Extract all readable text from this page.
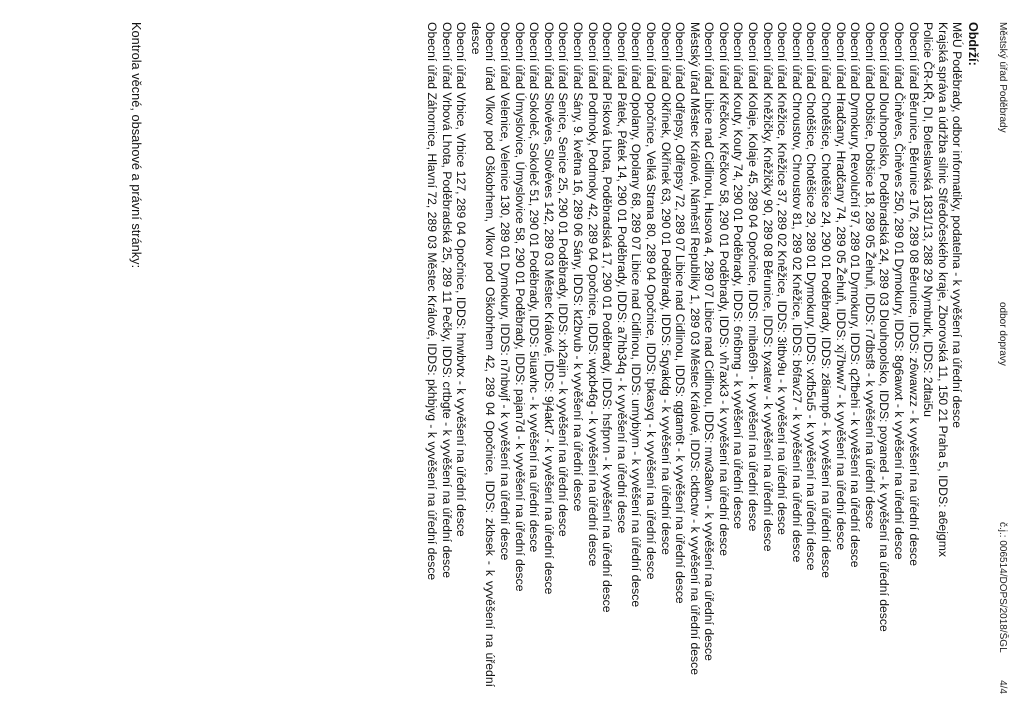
Městský úřad Poděbrady
odbor dopravy
č.j.: 006514/DOPS/2018/ŠGL
4/4
Obdrží:

MěÚ Poděbrady, odbor informatiky, podatelna - k vyvěšení na úřední desce

Krajská správa a údržba silnic Středočeského kraje, Zborovská 11, 150 21 Praha 5, IDDS: a6ejgmx

Policie ČR-KŘ, DI, Boleslavská 1831/13, 288 29 Nymburk, IDDS: 2dtai5u

Obecní úřad Běrunice, Běrunice 176, 289 08 Běrunice, IDDS: z6wawzz - k vyvěšení na úřední desce

Obecní úřad Činěves, Činěves 250, 289 01 Dymokury, IDDS: 8g6awxt - k vyvěšení na úřední desce

Obecní úřad Dlouhopolsko, Poděbradská 24, 289 03 Dlouhopolsko, IDDS: poyaned - k vyvěšení na úřední desce

Obecní úřad Dobšice, Dobšice 18, 289 05 Žehuň, IDDS: r7dbsf8 - k vyvěšení na úřední desce

Obecní úřad Dymokury, Revoluční 97, 289 01 Dymokury, IDDS: q2fbehi - k vyvěšení na úřední desce

Obecní úřad Hradčany, Hradčany 74, 289 05 Žehuň, IDDS: xj7bww7 - k vyvěšení na úřední desce

Obecní úřad Chotěšice, Chotěšice 24, 290 01 Poděbrady, IDDS: z8iamp6 - k vyvěšení na úřední desce

Obecní úřad Chotěšice, Chotěšice 29, 289 01 Dymokury, IDDS: vxfb5u5 - k vyvěšení na úřední desce

Obecní úřad Chroustov, Chroustov 81, 289 02 Kněžice, IDDS: b6fav27 - k vyvěšení na úřední desce

Obecní úřad Kněžice, Kněžice 37, 289 02 Kněžice, IDDS: 3itbv9u - k vyvěšení na úřední desce

Obecní úřad Kněžičky, Kněžičky 90, 289 08 Běrunice, IDDS: tyxatew - k vyvěšení na úřední desce

Obecní úřad Kolaje, Kolaje 45, 289 04 Opočnice, IDDS: miba69h - k vyvěšení na úřední desce

Obecní úřad Kouty, Kouty 74, 290 01 Poděbrady, IDDS: 6n6bmg - k vyvěšení na úřední desce

Obecní úřad Křečkov, Křečkov 58, 290 01 Poděbrady, IDDS: vh7axk3 - k vyvěšení na úřední desce

Obecní úřad Libice nad Cidlinou, Husova 4, 289 07 Libice nad Cidlinou, IDDS: mw3a8wn - k vyvěšení na úřední desce

Městský úřad Městec Králové, Náměstí Republiky 1, 289 03 Městec Králové, IDDS: cktbctw - k vyvěšení na úřední desce

Obecní úřad Odřepsy, Odřepsy 72, 289 07 Libice nad Cidlinou, IDDS: qgtam6t - k vyvěšení na úřední desce

Obecní úřad Okřínek, Okřínek 63, 290 01 Poděbrady, IDDS: 5qyakdg - k vyvěšení na úřední desce

Obecní úřad Opočnice, Velká Strana 80, 289 04 Opočnice, IDDS: tpkasyq - k vyvěšení na úřední desce

Obecní úřad Opolany, Opolany 68, 289 07 Libice nad Cidlinou, IDDS: umybiym - k vyvěšení na úřední desce

Obecní úřad Pátek, Pátek 14, 290 01 Poděbrady, IDDS: a7hb34q - k vyvěšení na úřední desce

Obecní úřad Písková Lhota, Poděbradská 17, 290 01 Poděbrady, IDDS: hsfprvn - k vyvěšení na úřední desce

Obecní úřad Podmoky, Podmoky 42, 289 04 Opočnice, IDDS: wqxb46g - k vyvěšení na úřední desce

Obecní úřad Sány, 9. května 16, 289 06 Sány, IDDS: kt2bvub - k vyvěšení na úřední desce

Obecní úřad Senice, Senice 25, 290 01 Poděbrady, IDDS: xh2ajin - k vyvěšení na úřední desce

Obecní úřad Slověves, Slověves 142, 289 03 Městec Králové, IDDS: 9j4akt7 - k vyvěšení na úřední desce

Obecní úřad Sokoleč, Sokoleč 51, 290 01 Poděbrady, IDDS: 5iuavhc - k vyvěšení na úřední desce

Obecní úřad Úmyslovice, Úmyslovice 58, 290 01 Poděbrady, IDDS: pajan7d - k vyvěšení na úřední desce

Obecní úřad Velenice, Velenice 130, 289 01 Dymokury, IDDS: n7nbwjf - k vyvěšení na úřední desce

Obecní úřad Vlkov pod Oškobrhem, Vlkov pod Oškobrhem 42, 289 04 Opočnice, IDDS: zkbsek - k vyvěšení na úřední desce

Obecní úřad Vrbice, Vrbice 127, 289 04 Opočnice, IDDS: hnwbvtx - k vyvěšení na úřední desce

Obecní úřad Vrbová Lhota, Poděbradská 25, 289 11 Pečky, IDDS: crtbgte - k vyvěšení na úřední desce

Obecní úřad Záhornice, Hlavní 72, 289 03 Městec Králové, IDDS: pkhbjvg - k vyvěšení na úřední desce

Kontrola věcné, obsahové a právní stránky:
